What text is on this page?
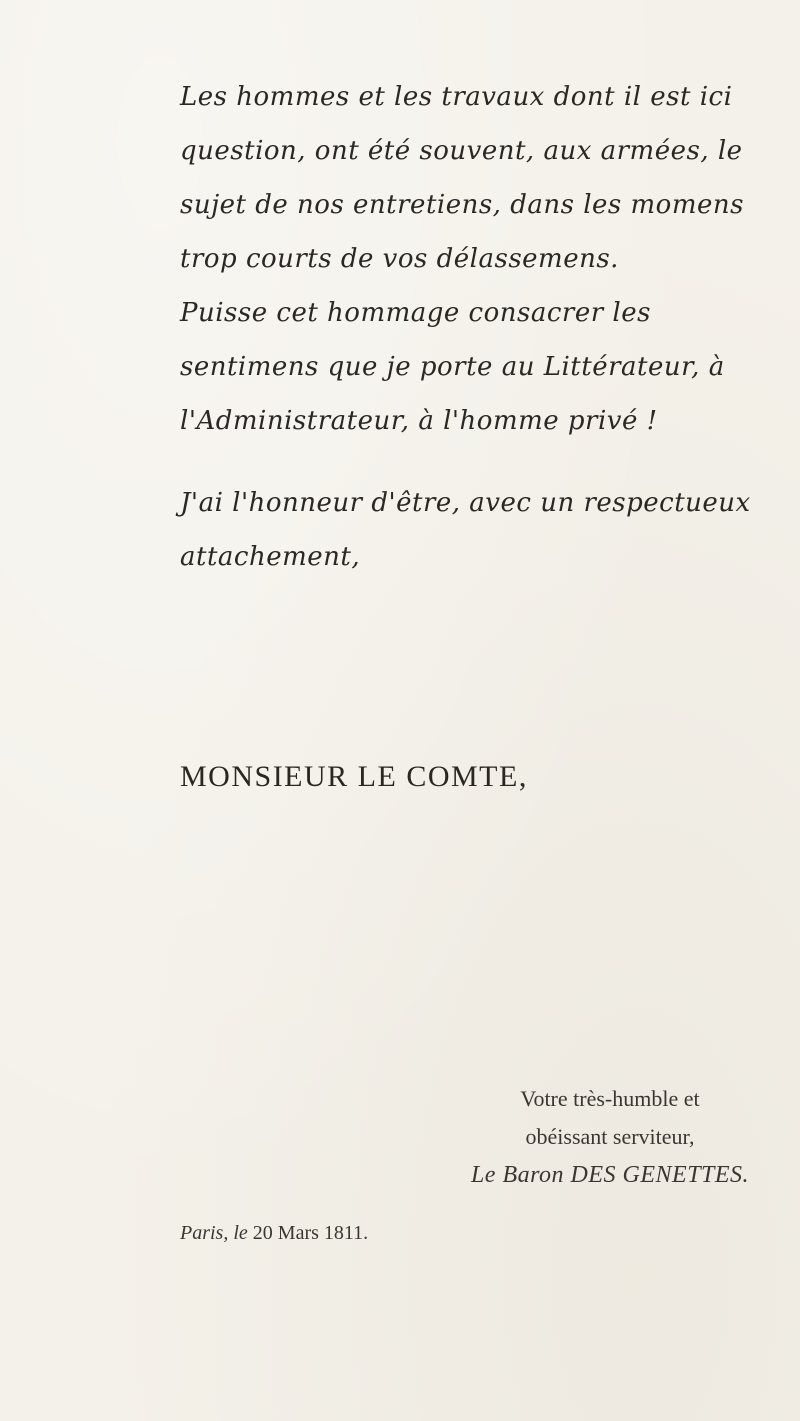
Les hommes et les travaux dont il est ici question, ont été souvent, aux armées, le sujet de nos entretiens, dans les momens trop courts de vos délassemens.

Puisse cet hommage consacrer les sentimens que je porte au Littérateur, à l'Administrateur, à l'homme privé !

J'ai l'honneur d'être, avec un respectueux attachement,

MONSIEUR LE COMTE,
Votre très-humble et
obéissant serviteur,
Le Baron DES GENETTES.
Paris, le 20 Mars 1811.
